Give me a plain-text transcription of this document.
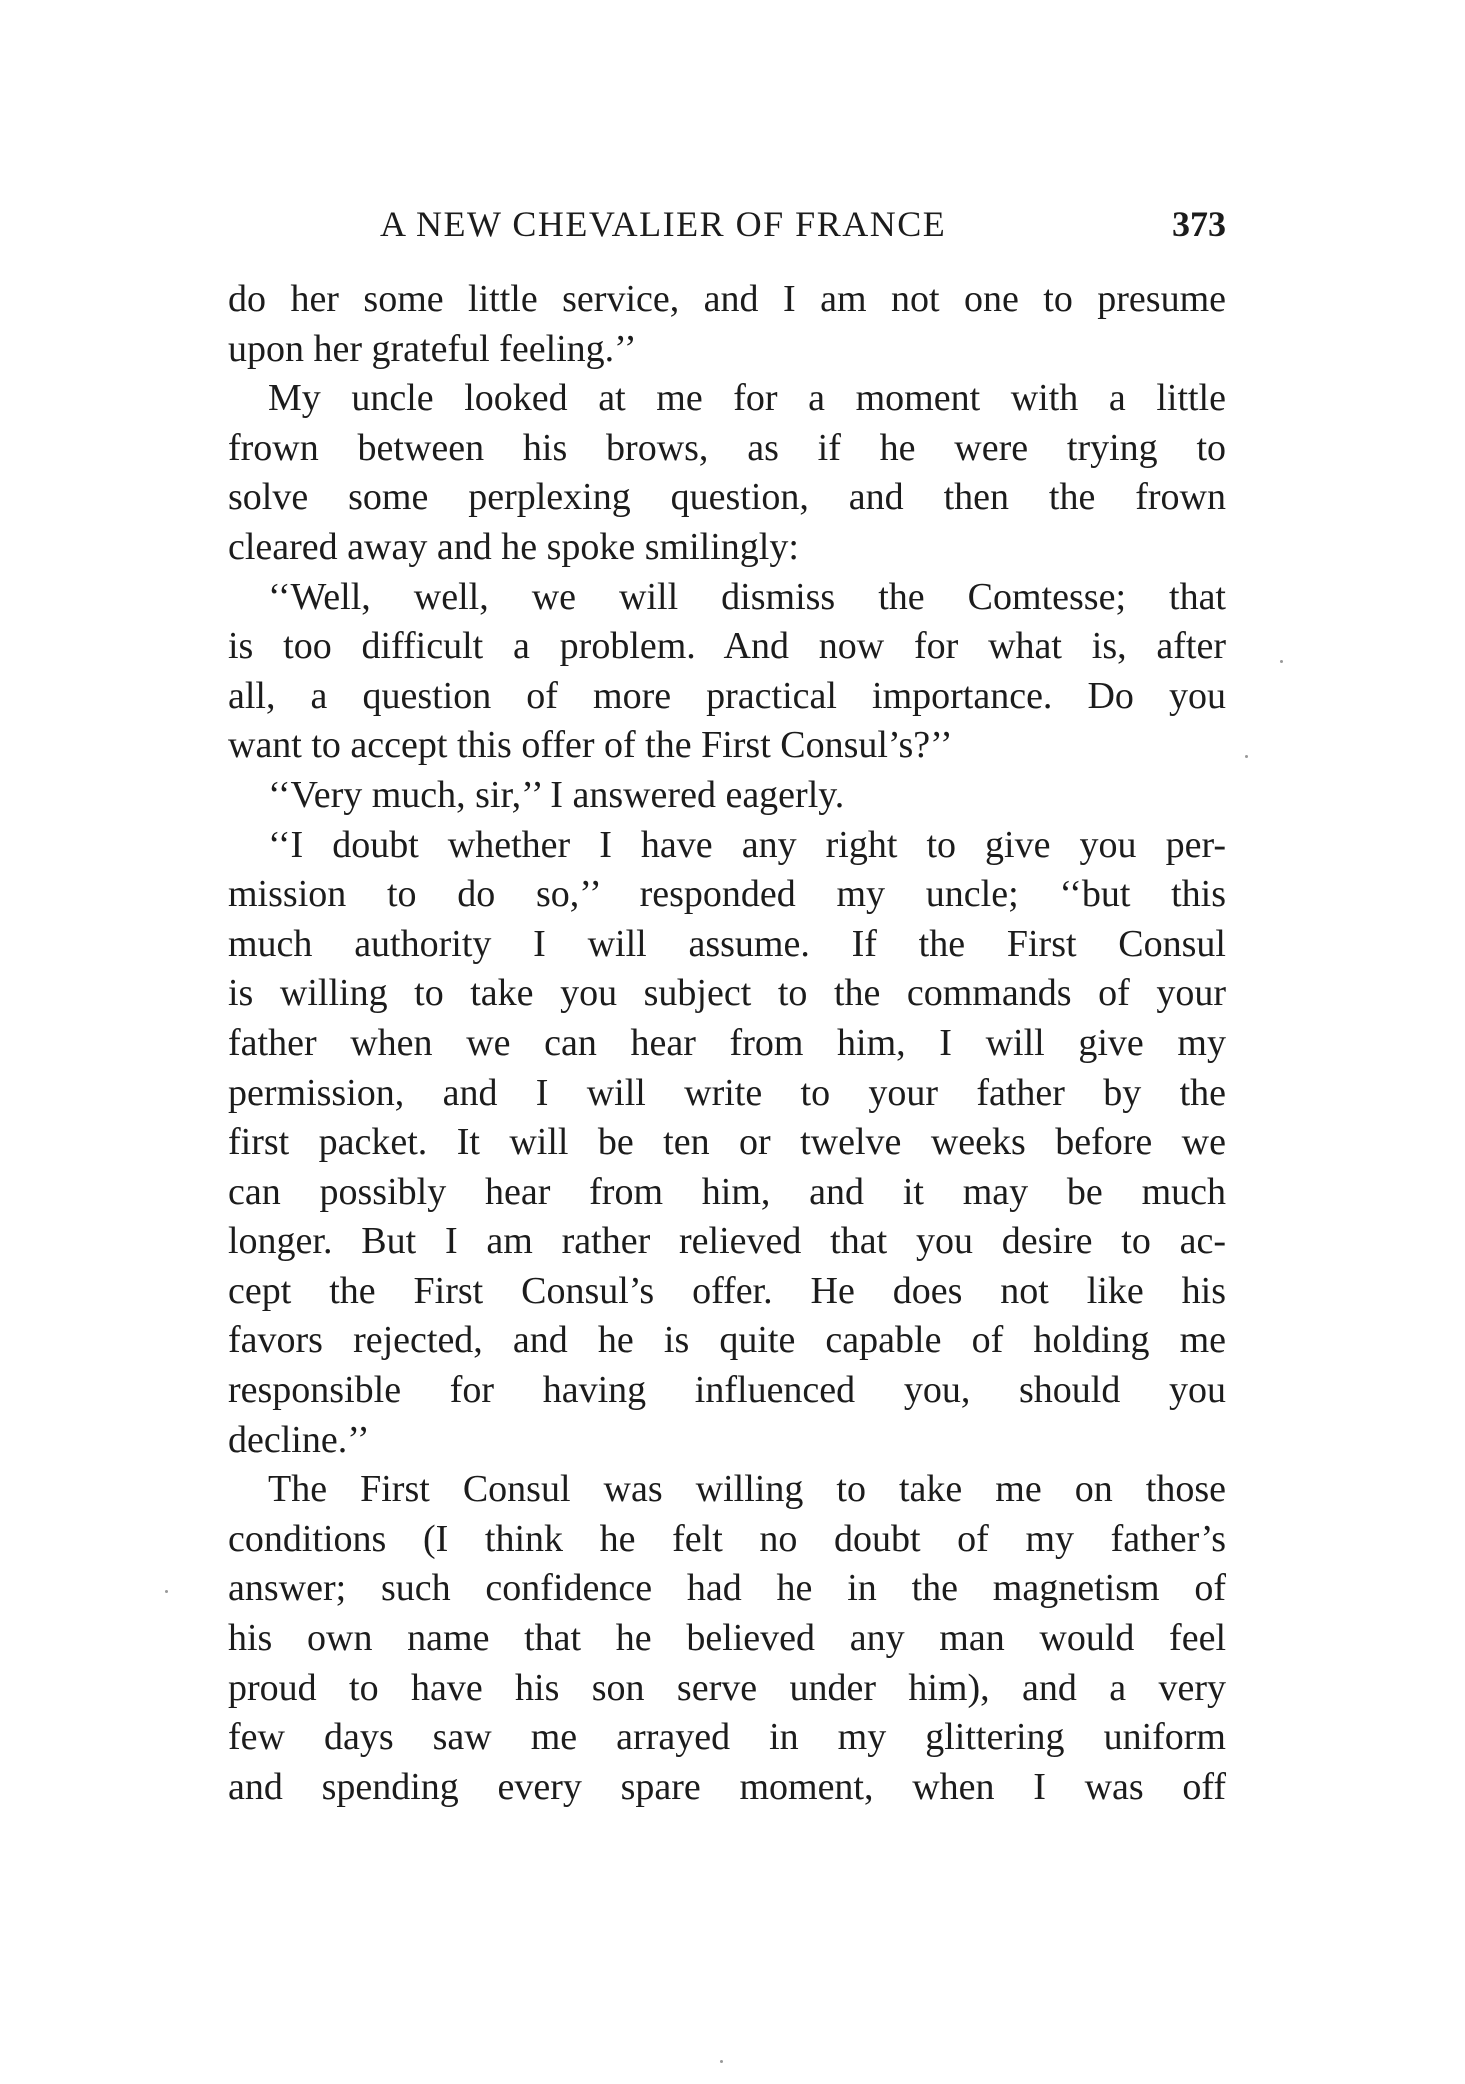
A NEW CHEVALIER OF FRANCE	373
do her some little service, and I am not one to presume
upon her grateful feeling.’’
My uncle looked at me for a moment with a little
frown between his brows, as if he were trying to
solve some perplexing question, and then the frown
cleared away and he spoke smilingly:
‘‘Well, well, we will dismiss the Comtesse; that
is too difficult a problem. And now for what is, after
all, a question of more practical importance. Do you
want to accept this offer of the First Consul’s?’’
‘‘Very much, sir,’’ I answered eagerly.
‘‘I doubt whether I have any right to give you per-
mission to do so,’’ responded my uncle; ‘‘but this
much authority I will assume. If the First Consul
is willing to take you subject to the commands of your
father when we can hear from him, I will give my
permission, and I will write to your father by the
first packet. It will be ten or twelve weeks before we
can possibly hear from him, and it may be much
longer. But I am rather relieved that you desire to ac-
cept the First Consul’s offer. He does not like his
favors rejected, and he is quite capable of holding me
responsible for having influenced you, should you
decline.’’
The First Consul was willing to take me on those
conditions (I think he felt no doubt of my father’s
answer; such confidence had he in the magnetism of
his own name that he believed any man would feel
proud to have his son serve under him), and a very
few days saw me arrayed in my glittering uniform
and spending every spare moment, when I was off
